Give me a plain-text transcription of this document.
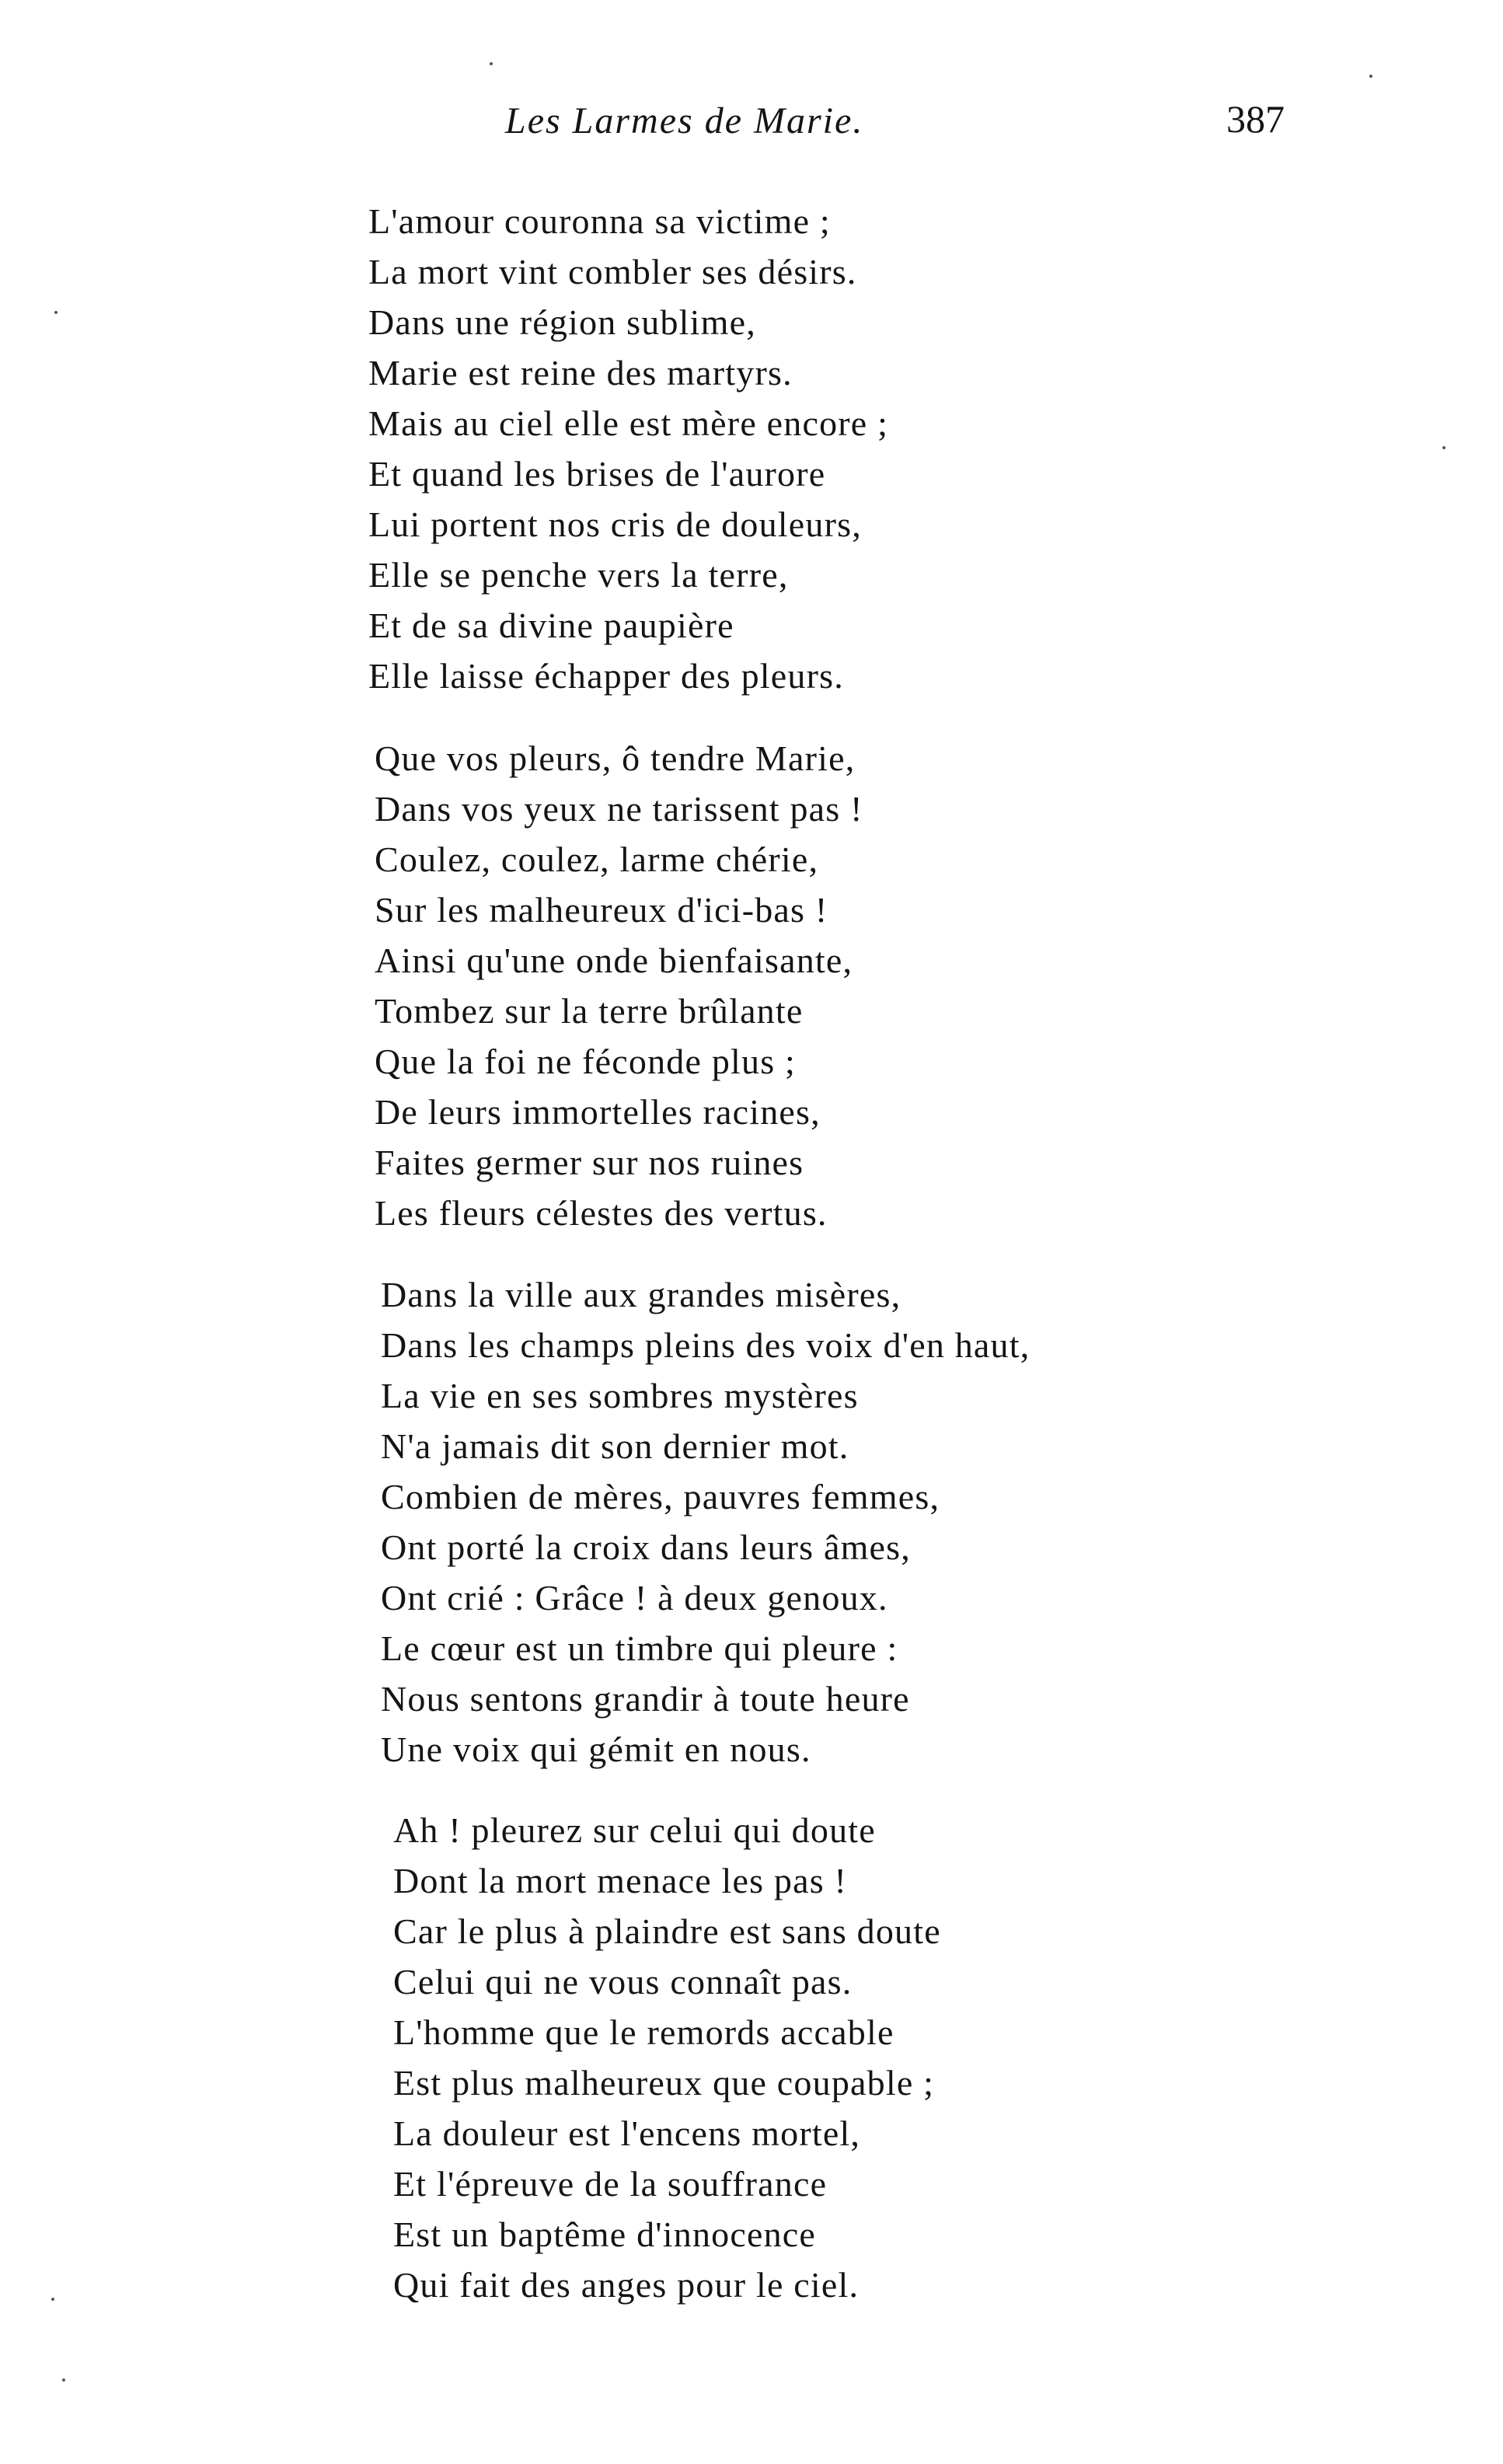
Les Larmes de Marie.	387
L'amour couronna sa victime ;
La mort vint combler ses désirs.
Dans une région sublime,
Marie est reine des martyrs.
Mais au ciel elle est mère encore ;
Et quand les brises de l'aurore
Lui portent nos cris de douleurs,
Elle se penche vers la terre,
Et de sa divine paupière
Elle laisse échapper des pleurs.
Que vos pleurs, ô tendre Marie,
Dans vos yeux ne tarissent pas !
Coulez, coulez, larme chérie,
Sur les malheureux d'ici-bas !
Ainsi qu'une onde bienfaisante,
Tombez sur la terre brûlante
Que la foi ne féconde plus ;
De leurs immortelles racines,
Faites germer sur nos ruines
Les fleurs célestes des vertus.
Dans la ville aux grandes misères,
Dans les champs pleins des voix d'en haut,
La vie en ses sombres mystères
N'a jamais dit son dernier mot.
Combien de mères, pauvres femmes,
Ont porté la croix dans leurs âmes,
Ont crié : Grâce ! à deux genoux.
Le cœur est un timbre qui pleure :
Nous sentons grandir à toute heure
Une voix qui gémit en nous.
Ah ! pleurez sur celui qui doute
Dont la mort menace les pas !
Car le plus à plaindre est sans doute
Celui qui ne vous connaît pas.
L'homme que le remords accable
Est plus malheureux que coupable ;
La douleur est l'encens mortel,
Et l'épreuve de la souffrance
Est un baptême d'innocence
Qui fait des anges pour le ciel.
